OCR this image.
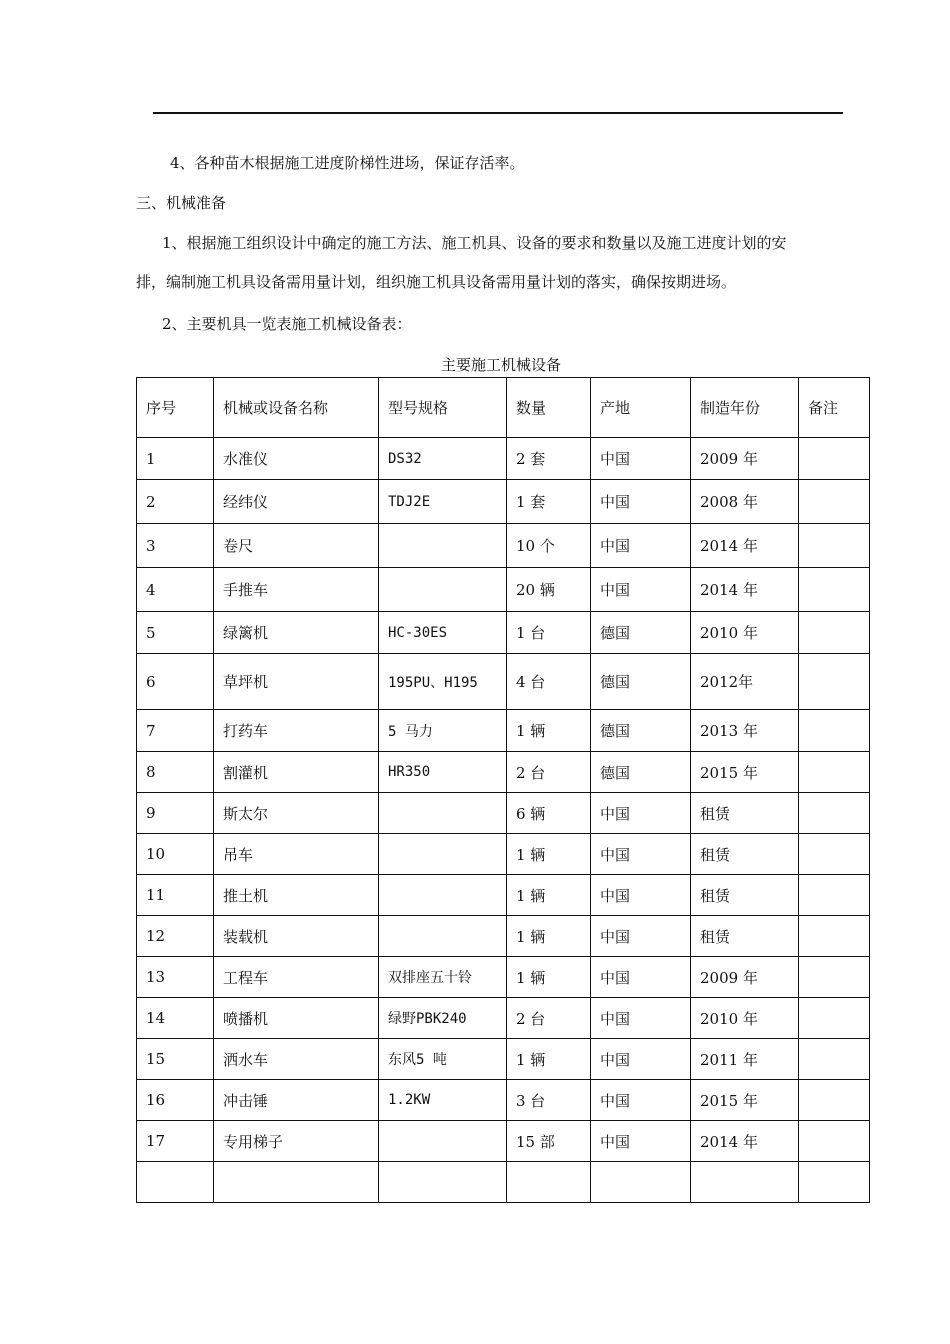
4、各种苗木根据施工进度阶梯性进场，保证存活率。
三、机械准备
1、根据施工组织设计中确定的施工方法、施工机具、设备的要求和数量以及施工进度计划的安
排，编制施工机具设备需用量计划，组织施工机具设备需用量计划的落实，确保按期进场。
2、主要机具一览表施工机械设备表：
主要施工机械设备
序号	机械或设备名称	型号规格	数量	产地	制造年份	备注
1	水准仪	DS32	2 套	中国	2009 年	
2	经纬仪	TDJ2E	1 套	中国	2008 年	
3	卷尺		10 个	中国	2014 年	
4	手推车		20 辆	中国	2014 年	
5	绿篱机	HC-30ES	1 台	德国	2010 年	
6	草坪机	195PU、H195	4 台	德国	2012年	
7	打药车	5 马力	1 辆	德国	2013 年	
8	割灌机	HR350	2 台	德国	2015 年	
9	斯太尔		6 辆	中国	租赁	
10	吊车		1 辆	中国	租赁	
11	推土机		1 辆	中国	租赁	
12	装载机		1 辆	中国	租赁	
13	工程车	双排座五十铃	1 辆	中国	2009 年	
14	喷播机	绿野PBK240	2 台	中国	2010 年	
15	洒水车	东风5 吨	1 辆	中国	2011 年	
16	冲击锤	1.2KW	3 台	中国	2015 年	
17	专用梯子		15 部	中国	2014 年	
